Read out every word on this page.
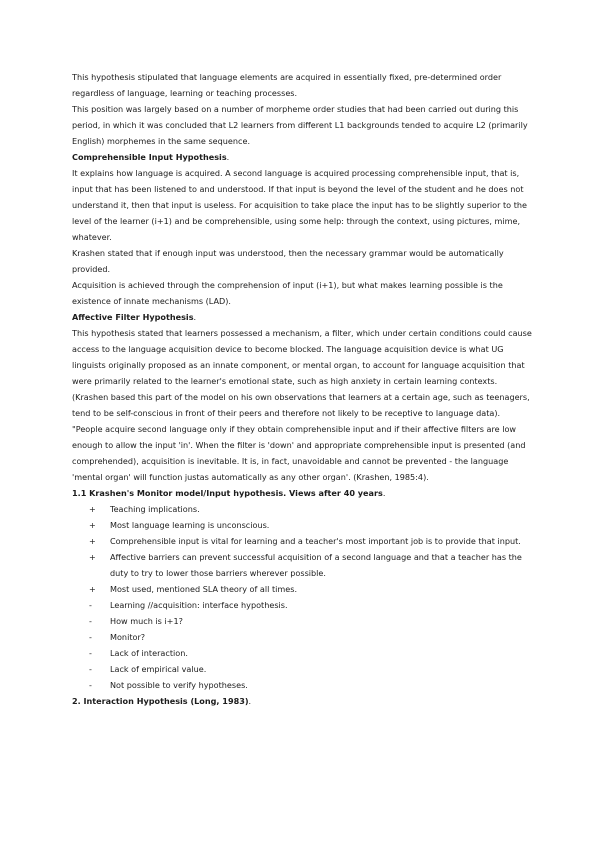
This hypothesis stipulated that language elements are acquired in essentially fixed, pre-determined order regardless of language, learning or teaching processes.

This position was largely based on a number of morpheme order studies that had been carried out during this period, in which it was concluded that L2 learners from different L1 backgrounds tended to acquire L2 (primarily English) morphemes in the same sequence.

Comprehensible Input Hypothesis.

It explains how language is acquired. A second language is acquired processing comprehensible input, that is, input that has been listened to and understood. If that input is beyond the level of the student and he does not understand it, then that input is useless. For acquisition to take place the input has to be slightly superior to the level of the learner (i+1) and be comprehensible, using some help: through the context, using pictures, mime, whatever.

Krashen stated that if enough input was understood, then the necessary grammar would be automatically provided.

Acquisition is achieved through the comprehension of input (i+1), but what makes learning possible is the existence of innate mechanisms (LAD).

Affective Filter Hypothesis.

This hypothesis stated that learners possessed a mechanism, a filter, which under certain conditions could cause access to the language acquisition device to become blocked. The language acquisition device is what UG linguists originally proposed as an innate component, or mental organ, to account for language acquisition that were primarily related to the learner's emotional state, such as high anxiety in certain learning contexts. (Krashen based this part of the model on his own observations that learners at a certain age, such as teenagers, tend to be self-conscious in front of their peers and therefore not likely to be receptive to language data).

"People acquire second language only if they obtain comprehensible input and if their affective filters are low enough to allow the input 'in'. When the filter is 'down' and appropriate comprehensible input is presented (and comprehended), acquisition is inevitable. It is, in fact, unavoidable and cannot be prevented - the language 'mental organ' will function justas automatically as any other organ'. (Krashen, 1985:4).

1.1 Krashen's Monitor model/Input hypothesis. Views after 40 years.

+	Teaching implications.
+	Most language learning is unconscious.
+	Comprehensible input is vital for learning and a teacher's most important job is to provide that input.
+	Affective barriers can prevent successful acquisition of a second language and that a teacher has the duty to try to lower those barriers wherever possible.
+	Most used, mentioned SLA theory of all times.
-	Learning //acquisition: interface hypothesis.
-	How much is i+1?
-	Monitor?
-	Lack of interaction.
-	Lack of empirical value.
-	Not possible to verify hypotheses.

2. Interaction Hypothesis (Long, 1983).
